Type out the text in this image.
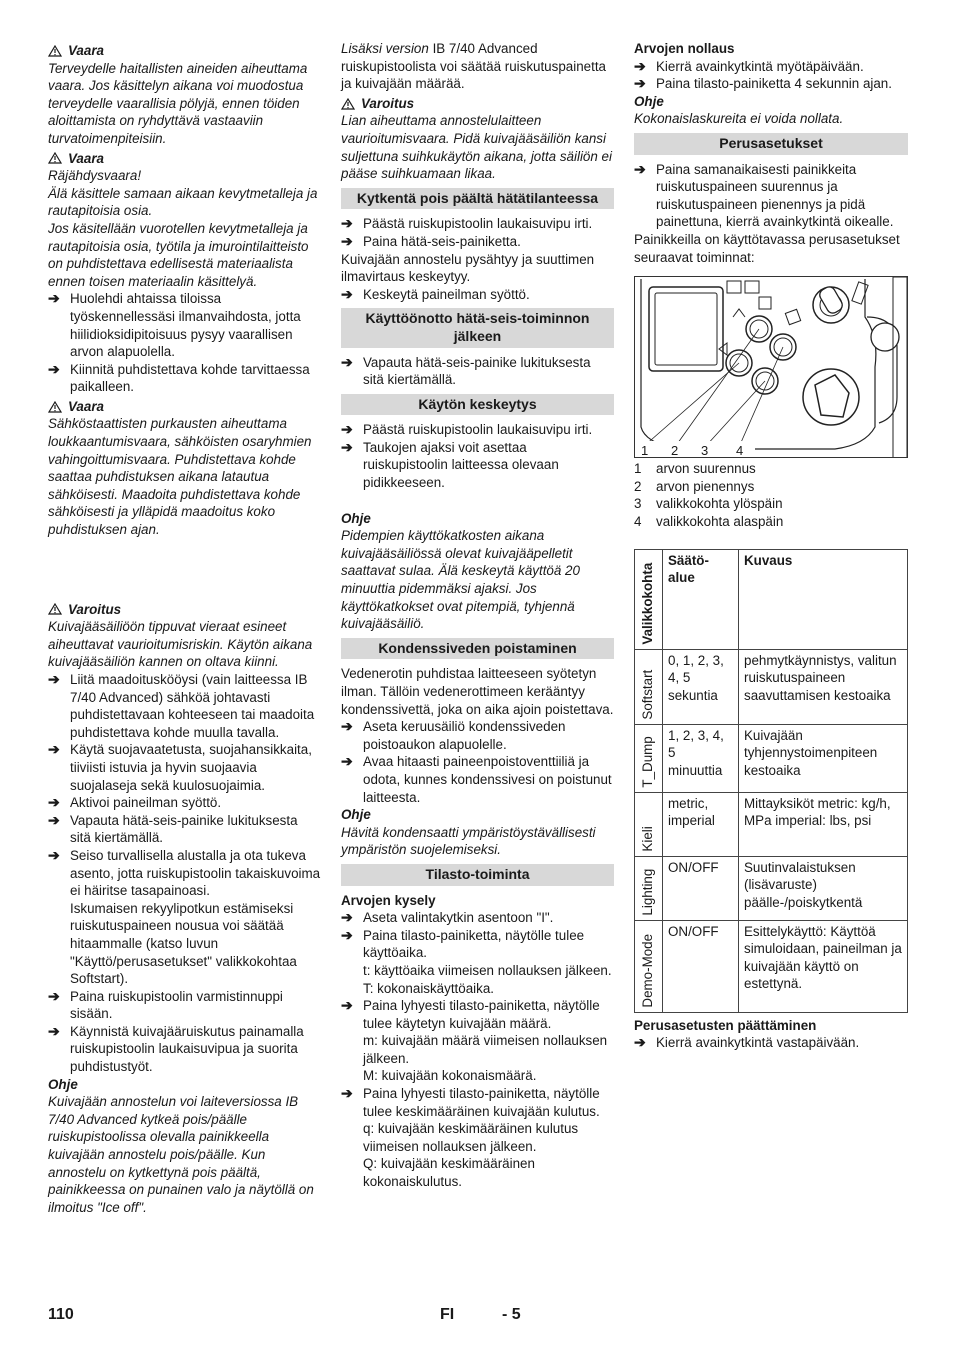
Vaara

Terveydelle haitallisten aineiden aiheuttama vaara. Jos käsittelyn aikana voi muodostua terveydelle vaarallisia pölyjä, ennen töiden aloittamista on ryhdyttävä vastaaviin turvatoimenpiteisiin.

Vaara

Räjähdysvaara!

Älä käsittele samaan aikaan kevytmetalleja ja rautapitoisia osia.

Jos käsitellään vuorotellen kevytmetalleja ja rautapitoisia osia, työtila ja imurointilaitteisto on puhdistettava edellisestä materiaalista ennen toisen materiaalin käsittelyä.

➔ Huolehdi ahtaissa tiloissa työskennellessäsi ilmanvaihdosta, jotta hiilidioksidipitoisuus pysyy vaarallisen arvon alapuolella.
➔ Kiinnitä puhdistettava kohde tarvittaessa paikalleen.
Vaara

Sähköstaattisten purkausten aiheuttama loukkaantumisvaara, sähköisten osaryhmien vahingoittumisvaara. Puhdistettava kohde saattaa puhdistuksen aikana latautua sähköisesti. Maadoita puhdistettava kohde sähköisesti ja ylläpidä maadoitus koko puhdistuksen ajan.

Varoitus

Kuivajääsäiliöön tippuvat vieraat esineet aiheuttavat vaurioitumisriskin. Käytön aikana kuivajääsäiliön kannen on oltava kiinni.

➔ Liitä maadoituskööysi (vain laitteessa IB 7/40 Advanced) sähköä johtavasti puhdistettavaan kohteeseen tai maadoita puhdistettava kohde muulla tavalla.
➔ Käytä suojavaatetusta, suojahansikkaita, tiiviisti istuvia ja hyvin suojaavia suojalaseja sekä kuulosuojaimia.
➔ Aktivoi paineilman syöttö.
➔ Vapauta hätä-seis-painike lukituksesta sitä kiertämällä.
➔ Seiso turvallisella alustalla ja ota tukeva asento, jotta ruiskupistoolin takaiskuvoima ei häiritse tasapainoasi.

Iskumaisen rekyylipotkun estämiseksi ruiskutuspaineen nousua voi säätää hitaammalle (katso luvun "Käyttö/perusasetukset" valikkokohtaa Softstart).

➔ Paina ruiskupistoolin varmistinnuppi sisään.
➔ Käynnistä kuivajääruiskutus painamalla ruiskupistoolin laukaisuvipua ja suorita puhdistustyöt.

Ohje

Kuivajään annostelun voi laiteversiossa IB 7/40 Advanced kytkeä pois/päälle ruiskupistoolissa olevalla painikkeella kuivajään annostelu pois/päälle. Kun annostelu on kytkettynä pois päältä, painikkeessa on punainen valo ja näytöllä on ilmoitus "Ice off".

Lisäksi version IB 7/40 Advanced ruiskupistoolista voi säätää ruiskutuspainetta ja kuivajään määrää.

Varoitus

Lian aiheuttama annostelulaitteen vaurioitumisvaara. Pidä kuivajääsäiliön kansi suljettuna suihkukäytön aikana, jotta säiliön ei pääse suihkuamaan likaa.

Kytkentä pois päältä hätätilanteessa
➔ Päästä ruiskupistoolin laukaisuvipu irti.
➔ Paina hätä-seis-painiketta.

Kuivajään annostelu pysähtyy ja suuttimen ilmavirtaus keskeytyy.

➔ Keskeytä paineilman syöttö.
Käyttöönotto hätä-seis-toiminnon jälkeen
➔ Vapauta hätä-seis-painike lukituksesta sitä kiertämällä.
Käytön keskeytys
➔ Päästä ruiskupistoolin laukaisuvipu irti.
➔ Taukojen ajaksi voit asettaa ruiskupistoolin laitteessa olevaan pidikkeeseen.

Ohje

Pidempien käyttökatkosten aikana kuivajääsäiliössä olevat kuivajääpelletit saattavat sulaa. Älä keskeytä käyttöä 20 minuuttia pidemmäksi ajaksi. Jos käyttökatkokset ovat pitempiä, tyhjennä kuivajääsäiliö.

Kondenssiveden poistaminen

Vedenerotin puhdistaa laitteeseen syötetyn ilman. Tällöin vedenerottimeen kerääntyy kondenssivettä, joka on aika ajoin poistettava.

➔ Aseta keruusäiliö kondenssiveden poistoaukon alapuolelle.
➔ Avaa hitaasti paineenpoistoventtiiliä ja odota, kunnes kondenssivesi on poistunut laitteesta.

Ohje

Hävitä kondensaatti ympäristöystävällisesti ympäristön suojelemiseksi.

Tilasto-toiminta

Arvojen kysely

➔ Aseta valintakytkin asentoon "I".
➔ Paina tilasto-painiketta, näytölle tulee käyttöaika.

t: käyttöaika viimeisen nollauksen jälkeen.

T: kokonaiskäyttöaika.

➔ Paina lyhyesti tilasto-painiketta, näytölle tulee käytetyn kuivajään määrä.

m: kuivajään määrä viimeisen nollauksen jälkeen.

M: kuivajään kokonaismäärä.

➔ Paina lyhyesti tilasto-painiketta, näytölle tulee keskimääräinen kuivajään kulutus.

q: kuivajään keskimääräinen kulutus viimeisen nollauksen jälkeen.

Q: kuivajään keskimääräinen kokonaiskulutus.

Arvojen nollaus

➔ Kierrä avainkytkintä myötäpäivään.
➔ Paina tilasto-painiketta 4 sekunnin ajan.

Ohje

Kokonaislaskureita ei voida nollata.

Perusasetukset
➔ Paina samanaikaisesti painikkeita ruiskutuspaineen suurennus ja ruiskutuspaineen pienennys ja pidä painettuna, kierrä avainkytkintä oikealle.

Painikkeilla on käyttötavassa perusasetukset seuraavat toiminnat:

1 2 3 4
1	arvon suurennus
2	arvon pienennys
3	valikkokohta ylöspäin
4	valikkokohta alaspäin
Valikkokohta	Säätö-alue	Kuvaus

Softstart	0, 1, 2, 3, 4, 5 sekuntia	pehmytkäynnistys, valitun ruiskutuspaineen saavuttamisen kestoaika

T_Dump	1, 2, 3, 4, 5 minuuttia	Kuivajään tyhjennystoimenpiteen kestoaika

Kieli	metric, imperial	Mittayksiköt metric: kg/h, MPa imperial: lbs, psi

Lighting	ON/OFF	Suutinvalaistuksen (lisävaruste) päälle-/poiskytkentä

Demo-Mode	ON/OFF	Esittelykäyttö: Käyttöä simuloidaan, paineilman ja kuivajään käyttö on estettynä.

Perusasetusten päättäminen

➔ Kierrä avainkytkintä vastapäivään.
110	FI	- 5
